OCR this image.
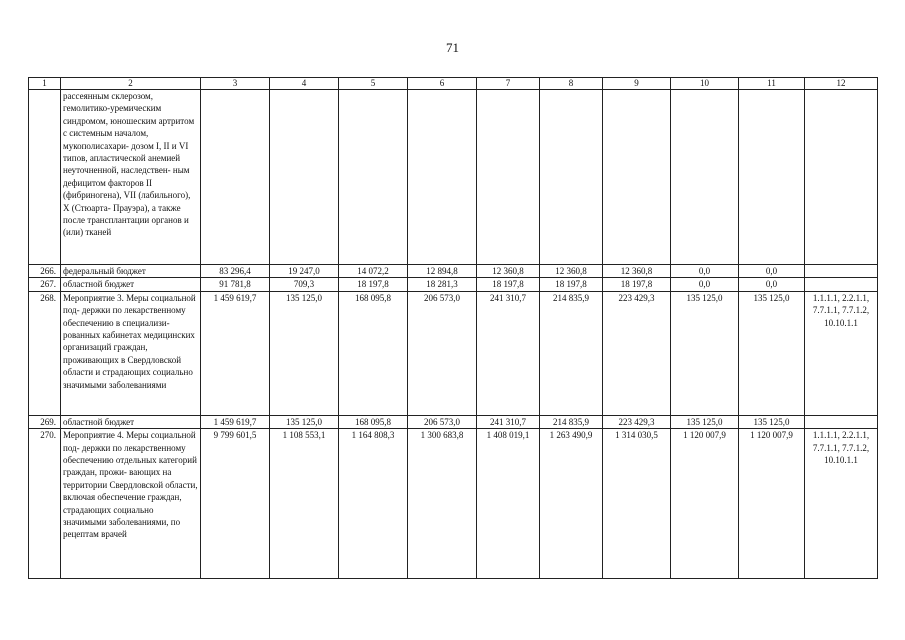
71
1	2	3	4	5	6	7	8	9	10	11	12
	рассеянным склерозом, гемолитико-уремическим синдромом, юношеским артритом с системным началом, мукополисахари- дозом I, II и VI типов, апластической анемией неуточненной, наследствен- ным дефицитом факторов II (фибриногена), VII (лабильного), X (Стюарта- Прауэра), а также после трансплантации органов и (или) тканей										
266.	федеральный бюджет	83 296,4	19 247,0	14 072,2	12 894,8	12 360,8	12 360,8	12 360,8	0,0	0,0	
267.	областной бюджет	91 781,8	709,3	18 197,8	18 281,3	18 197,8	18 197,8	18 197,8	0,0	0,0	
268.	Мероприятие 3. Меры социальной под- держки по лекарственному обеспечению в специализи- рованных кабинетах медицинских организаций граждан, проживающих в Свердловской области и страдающих социально значимыми заболеваниями	1 459 619,7	135 125,0	168 095,8	206 573,0	241 310,7	214 835,9	223 429,3	135 125,0	135 125,0	1.1.1.1, 2.2.1.1, 7.7.1.1, 7.7.1.2, 10.10.1.1
269.	областной бюджет	1 459 619,7	135 125,0	168 095,8	206 573,0	241 310,7	214 835,9	223 429,3	135 125,0	135 125,0	
270.	Мероприятие 4. Меры социальной под- держки по лекарственному обеспечению отдельных категорий граждан, прожи- вающих на территории Свердловской области, включая обеспечение граждан, страдающих социально значимыми заболеваниями, по рецептам врачей	9 799 601,5	1 108 553,1	1 164 808,3	1 300 683,8	1 408 019,1	1 263 490,9	1 314 030,5	1 120 007,9	1 120 007,9	1.1.1.1, 2.2.1.1, 7.7.1.1, 7.7.1.2, 10.10.1.1
